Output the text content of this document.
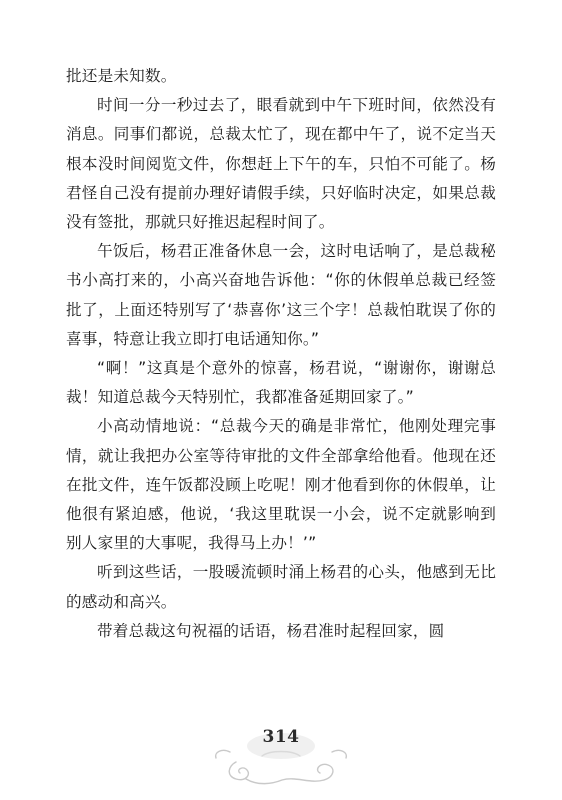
批还是未知数。

时间一分一秒过去了，眼看就到中午下班时间，依然没有消息。同事们都说，总裁太忙了，现在都中午了，说不定当天根本没时间阅览文件，你想赶上下午的车，只怕不可能了。杨君怪自己没有提前办理好请假手续，只好临时决定，如果总裁没有签批，那就只好推迟起程时间了。

午饭后，杨君正准备休息一会，这时电话响了，是总裁秘书小高打来的，小高兴奋地告诉他：“你的休假单总裁已经签批了，上面还特别写了‘恭喜你’这三个字！总裁怕耽误了你的喜事，特意让我立即打电话通知你。”

“啊！”这真是个意外的惊喜，杨君说，“谢谢你，谢谢总裁！知道总裁今天特别忙，我都准备延期回家了。”

小高动情地说：“总裁今天的确是非常忙，他刚处理完事情，就让我把办公室等待审批的文件全部拿给他看。他现在还在批文件，连午饭都没顾上吃呢！刚才他看到你的休假单，让他很有紧迫感，他说，‘我这里耽误一小会，说不定就影响到别人家里的大事呢，我得马上办！’”

听到这些话，一股暖流顿时涌上杨君的心头，他感到无比的感动和高兴。

带着总裁这句祝福的话语，杨君准时起程回家，圆

314
